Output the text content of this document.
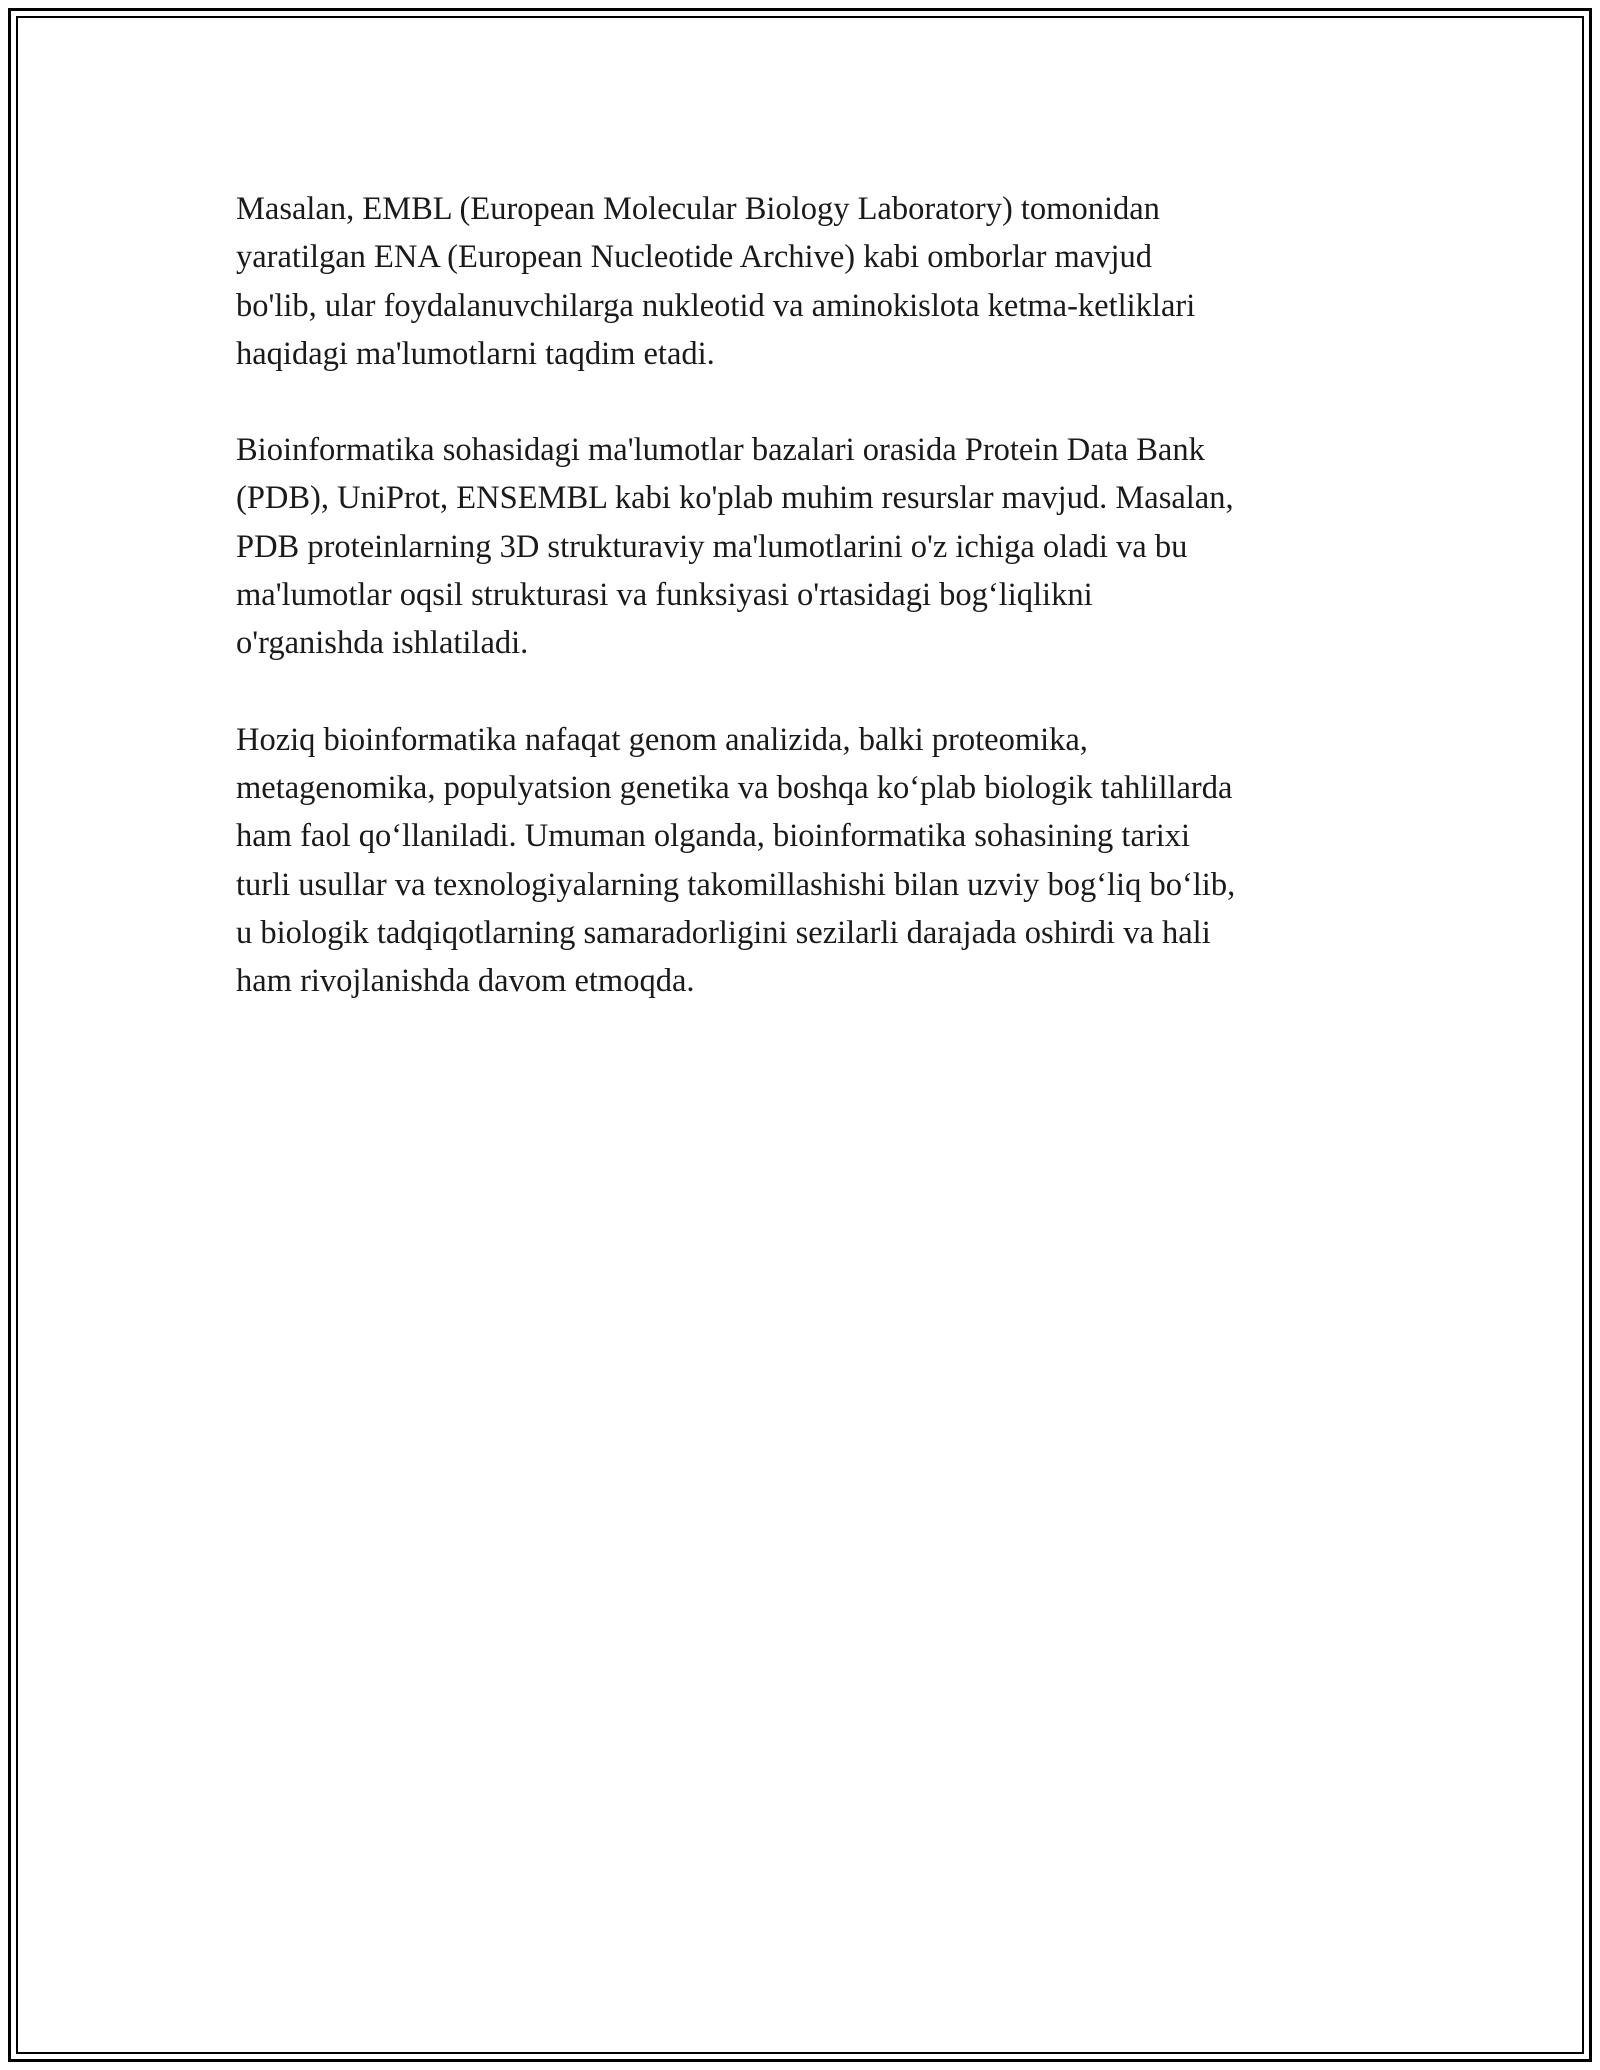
Masalan, EMBL (European Molecular Biology Laboratory) tomonidan
yaratilgan ENA (European Nucleotide Archive) kabi omborlar mavjud
bo'lib, ular foydalanuvchilarga nukleotid va aminokislota ketma-ketliklari
haqidagi ma'lumotlarni taqdim etadi.

Bioinformatika sohasidagi ma'lumotlar bazalari orasida Protein Data Bank
(PDB), UniProt, ENSEMBL kabi ko'plab muhim resurslar mavjud. Masalan,
PDB proteinlarning 3D strukturaviy ma'lumotlarini o'z ichiga oladi va bu
ma'lumotlar oqsil strukturasi va funksiyasi o'rtasidagi bog‘liqlikni
o'rganishda ishlatiladi.

Hoziq bioinformatika nafaqat genom analizida, balki proteomika,
metagenomika, populyatsion genetika va boshqa ko‘plab biologik tahlillarda
ham faol qo‘llaniladi. Umuman olganda, bioinformatika sohasining tarixi
turli usullar va texnologiyalarning takomillashishi bilan uzviy bog‘liq bo‘lib,
u biologik tadqiqotlarning samaradorligini sezilarli darajada oshirdi va hali
ham rivojlanishda davom etmoqda.
